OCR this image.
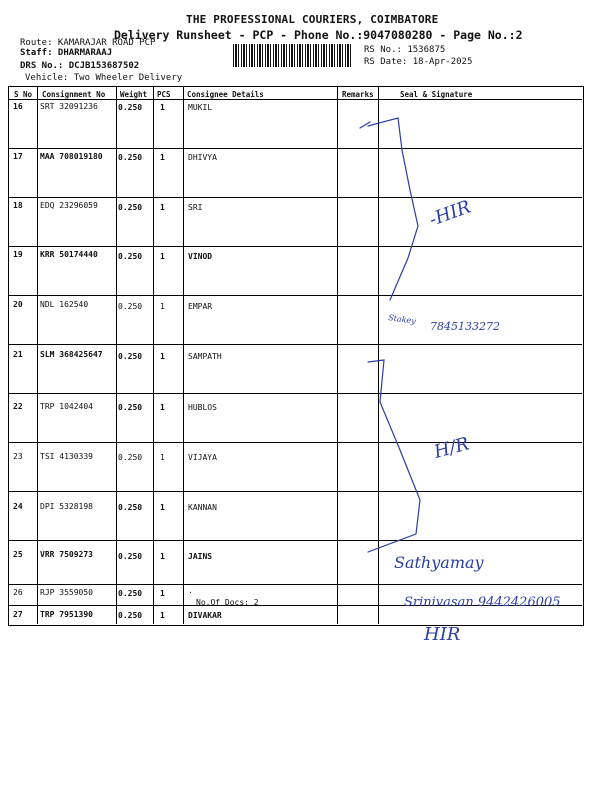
THE PROFESSIONAL COURIERS, COIMBATORE
Delivery Runsheet - PCP - Phone No.:9047080280 - Page No.:2
Route: KAMARAJAR ROAD PCP
Staff: DHARMARAAJ
DRS No.: DCJB153687502
Vehicle: Two Wheeler Delivery
RS No.: 1536875
RS Date: 18-Apr-2025
S No Consignment No Weight PCS Consignee Details	Remarks	Seal & Signature
16 SRT 32091236	0.250 1	MUKIL
17 MAA 708019180 0.250 1	DHIVYA
18 EDQ 23296059	0.250 1	SRI
19 KRR 50174440	0.250 1	VINOD
20 NDL 162540	0.250 1	EMPAR
21 SLM 368425647 0.250 1	SAMPATH
22 TRP 1042404	0.250 1	HUBLOS
23 TSI 4130339	0.250 1	VIJAYA
24 DPI 5328198	0.250 1	KANNAN
25 VRR 7509273	0.250 1	JAINS
26 RJP 3559050	0.250 1	.
No.Of Docs: 2
27 TRP 7951390	0.250 1	DIVAKAR
-HIR
Stakey
7845133272
H/R
Sathyamay
Srinivasan 9442426005
HIR
